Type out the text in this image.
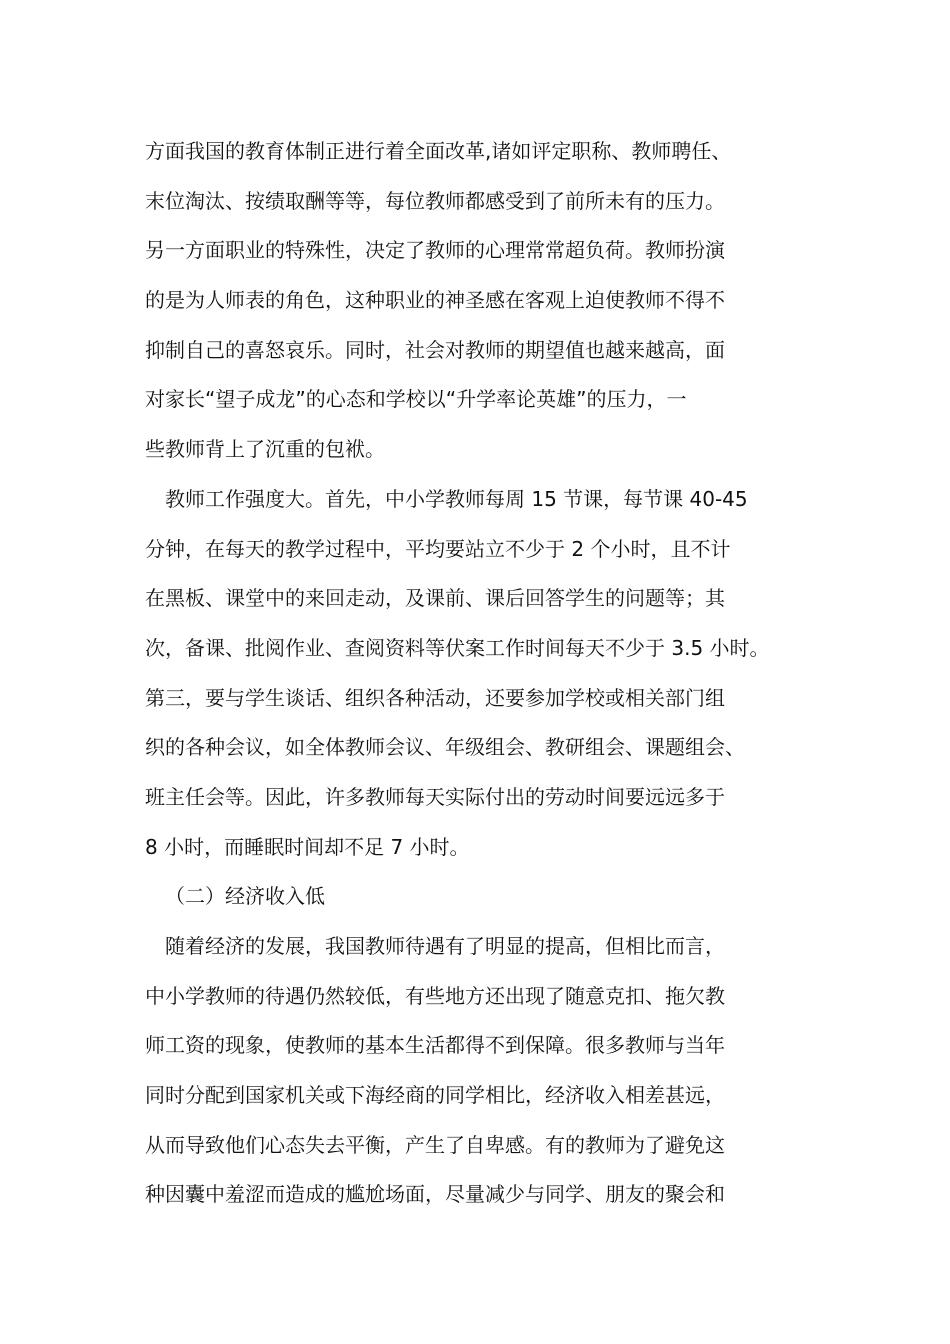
方面我国的教育体制正进行着全面改革,诸如评定职称、教师聘任、
末位淘汰、按绩取酬等等，每位教师都感受到了前所未有的压力。
另一方面职业的特殊性，决定了教师的心理常常超负荷。教师扮演
的是为人师表的角色，这种职业的神圣感在客观上迫使教师不得不
抑制自己的喜怒哀乐。同时，社会对教师的期望值也越来越高，面
对家长“望子成龙”的心态和学校以“升学率论英雄”的压力，一
些教师背上了沉重的包袱。
教师工作强度大。首先，中小学教师每周 15 节课，每节课 40-45
分钟，在每天的教学过程中，平均要站立不少于 2 个小时，且不计
在黑板、课堂中的来回走动，及课前、课后回答学生的问题等；其
次，备课、批阅作业、查阅资料等伏案工作时间每天不少于 3.5 小时。
第三，要与学生谈话、组织各种活动，还要参加学校或相关部门组
织的各种会议，如全体教师会议、年级组会、教研组会、课题组会、
班主任会等。因此，许多教师每天实际付出的劳动时间要远远多于
8 小时，而睡眠时间却不足 7 小时。
（二）经济收入低
随着经济的发展，我国教师待遇有了明显的提高，但相比而言，
中小学教师的待遇仍然较低，有些地方还出现了随意克扣、拖欠教
师工资的现象，使教师的基本生活都得不到保障。很多教师与当年
同时分配到国家机关或下海经商的同学相比，经济收入相差甚远，
从而导致他们心态失去平衡，产生了自卑感。有的教师为了避免这
种因囊中羞涩而造成的尴尬场面，尽量减少与同学、朋友的聚会和
